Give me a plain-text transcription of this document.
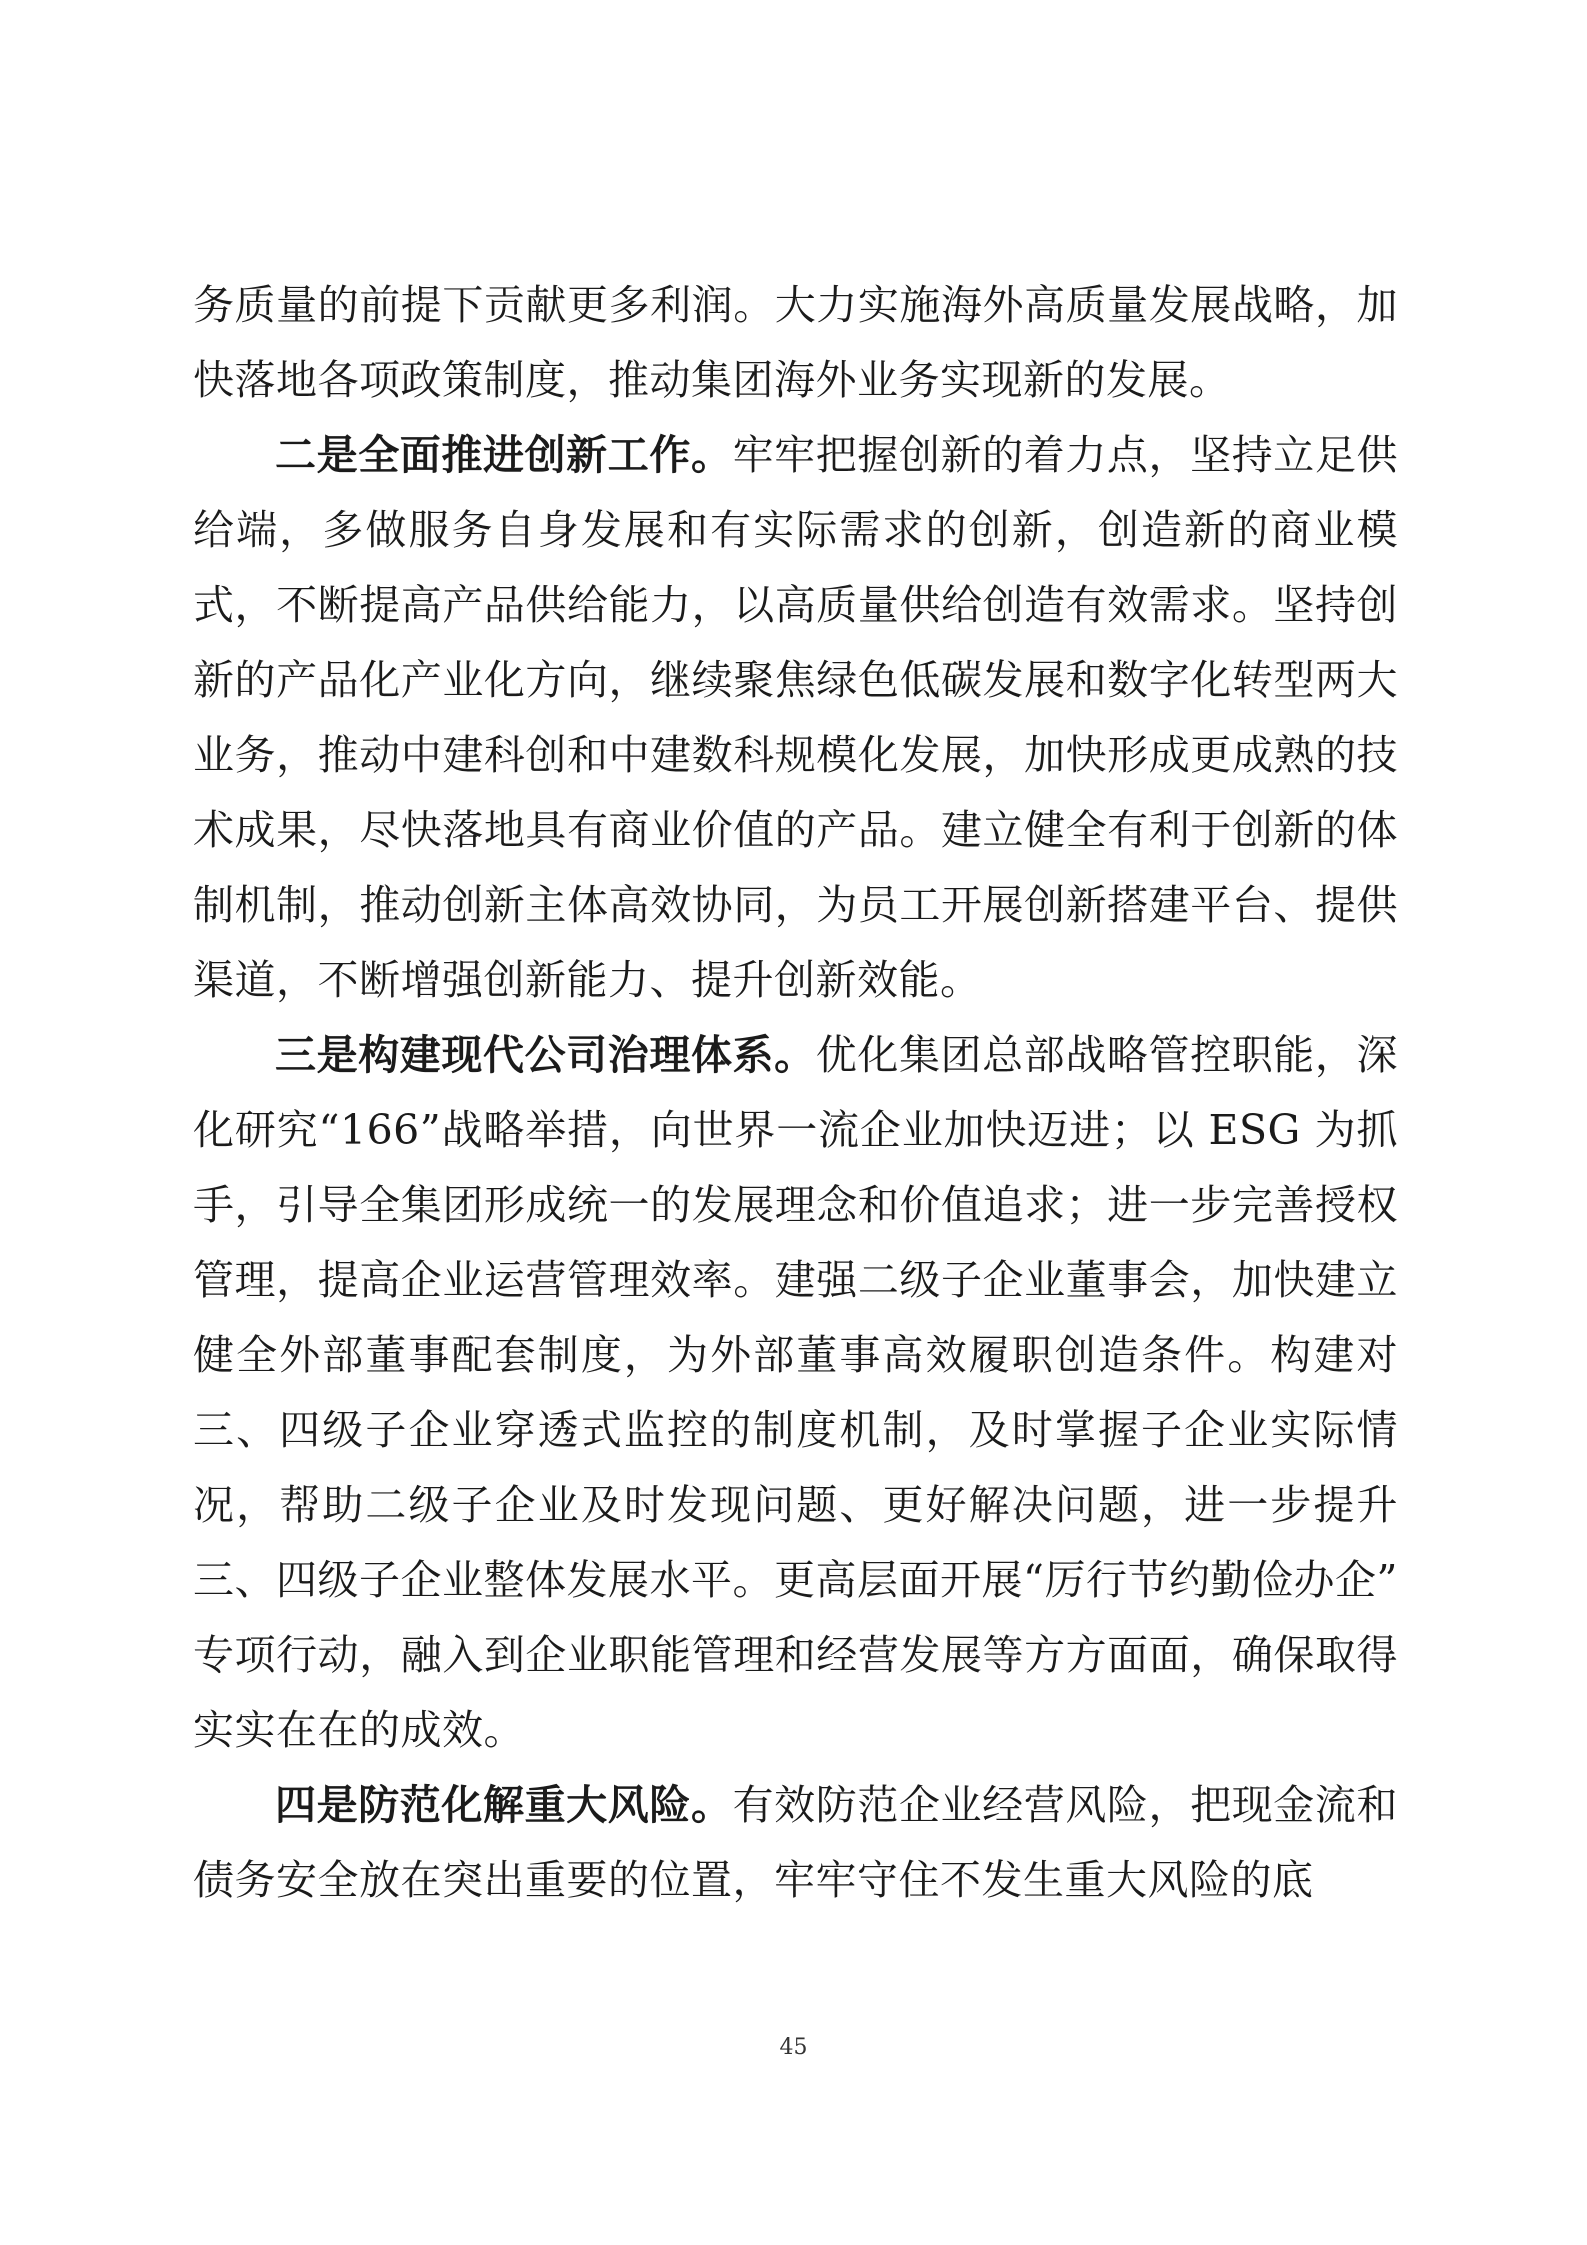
务质量的前提下贡献更多利润。大力实施海外高质量发展战略，加快落地各项政策制度，推动集团海外业务实现新的发展。

二是全面推进创新工作。牢牢把握创新的着力点，坚持立足供给端，多做服务自身发展和有实际需求的创新，创造新的商业模式，不断提高产品供给能力，以高质量供给创造有效需求。坚持创新的产品化产业化方向，继续聚焦绿色低碳发展和数字化转型两大业务，推动中建科创和中建数科规模化发展，加快形成更成熟的技术成果，尽快落地具有商业价值的产品。建立健全有利于创新的体制机制，推动创新主体高效协同，为员工开展创新搭建平台、提供渠道，不断增强创新能力、提升创新效能。

三是构建现代公司治理体系。优化集团总部战略管控职能，深化研究“166”战略举措，向世界一流企业加快迈进；以 ESG 为抓手，引导全集团形成统一的发展理念和价值追求；进一步完善授权管理，提高企业运营管理效率。建强二级子企业董事会，加快建立健全外部董事配套制度，为外部董事高效履职创造条件。构建对三、四级子企业穿透式监控的制度机制，及时掌握子企业实际情况，帮助二级子企业及时发现问题、更好解决问题，进一步提升三、四级子企业整体发展水平。更高层面开展“厉行节约勤俭办企”专项行动，融入到企业职能管理和经营发展等方方面面，确保取得实实在在的成效。

四是防范化解重大风险。有效防范企业经营风险，把现金流和债务安全放在突出重要的位置，牢牢守住不发生重大风险的底

45
